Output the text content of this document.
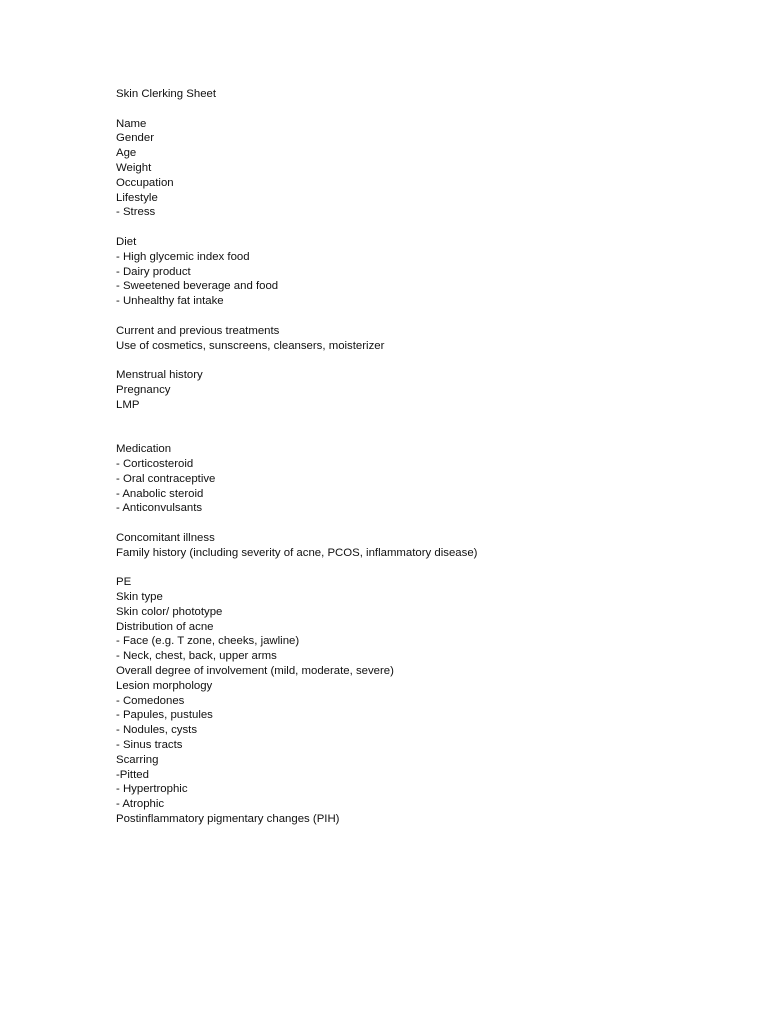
Skin Clerking Sheet
Name
Gender
Age
Weight
Occupation
Lifestyle
- Stress
Diet
- High glycemic index food
- Dairy product
- Sweetened beverage and food
- Unhealthy fat intake
Current and previous treatments
Use of cosmetics, sunscreens, cleansers, moisterizer
Menstrual history
Pregnancy
LMP
Medication
- Corticosteroid
- Oral contraceptive
- Anabolic steroid
- Anticonvulsants
Concomitant illness
Family history (including severity of acne, PCOS, inflammatory disease)
PE
Skin type
Skin color/ phototype
Distribution of acne
- Face (e.g. T zone, cheeks, jawline)
- Neck, chest, back, upper arms
Overall degree of involvement (mild, moderate, severe)
Lesion morphology
- Comedones
- Papules, pustules
- Nodules, cysts
- Sinus tracts
Scarring
-Pitted
- Hypertrophic
- Atrophic
Postinflammatory pigmentary changes (PIH)
